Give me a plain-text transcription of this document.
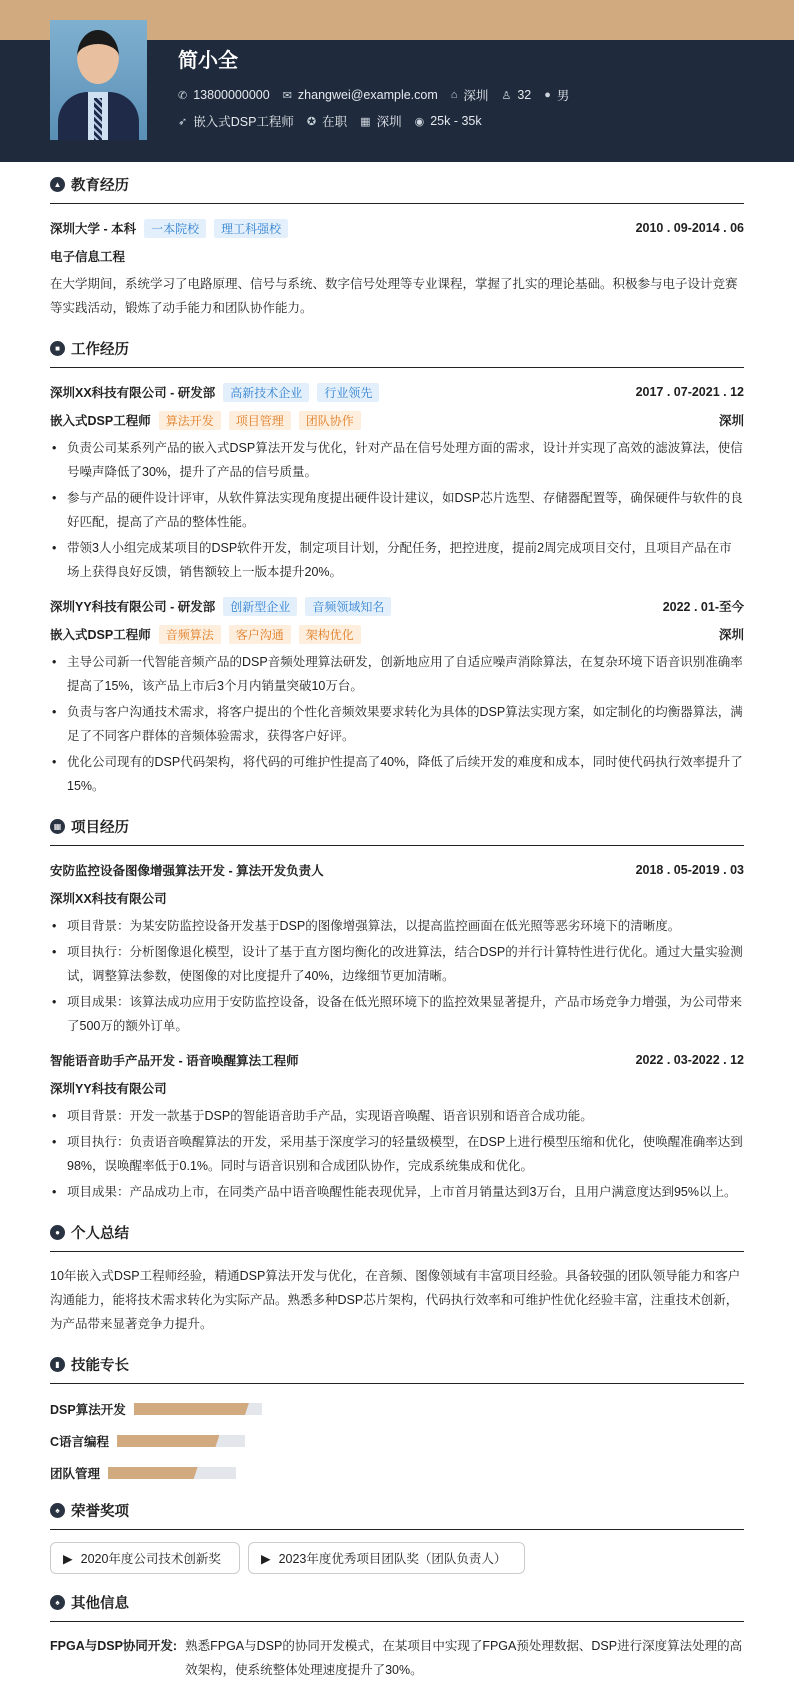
简小全
✆ 13800000000 ✉ zhangwei@example.com ⌂ 深圳 ♙ 32 ● 男
➶ 嵌入式DSP工程师 ✪ 在职 ▦ 深圳 ◉ 25k - 35k
▲ 教育经历
深圳大学 - 本科	一本院校	理工科强校	2010 . 09-2014 . 06
电子信息工程

在大学期间，系统学习了电路原理、信号与系统、数字信号处理等专业课程，掌握了扎实的理论基础。积极参与电子设计竞赛等实践活动，锻炼了动手能力和团队协作能力。

■ 工作经历
深圳XX科技有限公司 - 研发部	高新技术企业	行业领先	2017 . 07-2021 . 12
嵌入式DSP工程师	算法开发	项目管理	团队协作	深圳
• 负责公司某系列产品的嵌入式DSP算法开发与优化，针对产品在信号处理方面的需求，设计并实现了高效的滤波算法，使信号噪声降低了30%，提升了产品的信号质量。
• 参与产品的硬件设计评审，从软件算法实现角度提出硬件设计建议，如DSP芯片选型、存储器配置等，确保硬件与软件的良好匹配，提高了产品的整体性能。
• 带领3人小组完成某项目的DSP软件开发，制定项目计划，分配任务，把控进度，提前2周完成项目交付，且项目产品在市场上获得良好反馈，销售额较上一版本提升20%。
深圳YY科技有限公司 - 研发部	创新型企业	音频领域知名	2022 . 01-至今
嵌入式DSP工程师	音频算法	客户沟通	架构优化	深圳
• 主导公司新一代智能音频产品的DSP音频处理算法研发，创新地应用了自适应噪声消除算法，在复杂环境下语音识别准确率提高了15%，该产品上市后3个月内销量突破10万台。
• 负责与客户沟通技术需求，将客户提出的个性化音频效果要求转化为具体的DSP算法实现方案，如定制化的均衡器算法，满足了不同客户群体的音频体验需求，获得客户好评。
• 优化公司现有的DSP代码架构，将代码的可维护性提高了40%，降低了后续开发的难度和成本，同时使代码执行效率提升了15%。
▦ 项目经历
安防监控设备图像增强算法开发 - 算法开发负责人	2018 . 05-2019 . 03
深圳XX科技有限公司
• 项目背景：为某安防监控设备开发基于DSP的图像增强算法，以提高监控画面在低光照等恶劣环境下的清晰度。
• 项目执行：分析图像退化模型，设计了基于直方图均衡化的改进算法，结合DSP的并行计算特性进行优化。通过大量实验测试，调整算法参数，使图像的对比度提升了40%，边缘细节更加清晰。
• 项目成果：该算法成功应用于安防监控设备，设备在低光照环境下的监控效果显著提升，产品市场竞争力增强，为公司带来了500万的额外订单。
智能语音助手产品开发 - 语音唤醒算法工程师	2022 . 03-2022 . 12
深圳YY科技有限公司
• 项目背景：开发一款基于DSP的智能语音助手产品，实现语音唤醒、语音识别和语音合成功能。
• 项目执行：负责语音唤醒算法的开发，采用基于深度学习的轻量级模型，在DSP上进行模型压缩和优化，使唤醒准确率达到98%，误唤醒率低于0.1%。同时与语音识别和合成团队协作，完成系统集成和优化。
• 项目成果：产品成功上市，在同类产品中语音唤醒性能表现优异，上市首月销量达到3万台，且用户满意度达到95%以上。
● 个人总结

10年嵌入式DSP工程师经验，精通DSP算法开发与优化，在音频、图像领域有丰富项目经验。具备较强的团队领导能力和客户沟通能力，能将技术需求转化为实际产品。熟悉多种DSP芯片架构，代码执行效率和可维护性优化经验丰富，注重技术创新，为产品带来显著竞争力提升。

▮ 技能专长
DSP算法开发
C语言编程
团队管理
♠ 荣誉奖项
▶ 2020年度公司技术创新奖	▶ 2023年度优秀项目团队奖（团队负责人）
♠ 其他信息
FPGA与DSP协同开发: 熟悉FPGA与DSP的协同开发模式，在某项目中实现了FPGA预处理数据、DSP进行深度算法处理的高效架构，使系统整体处理速度提升了30%。
